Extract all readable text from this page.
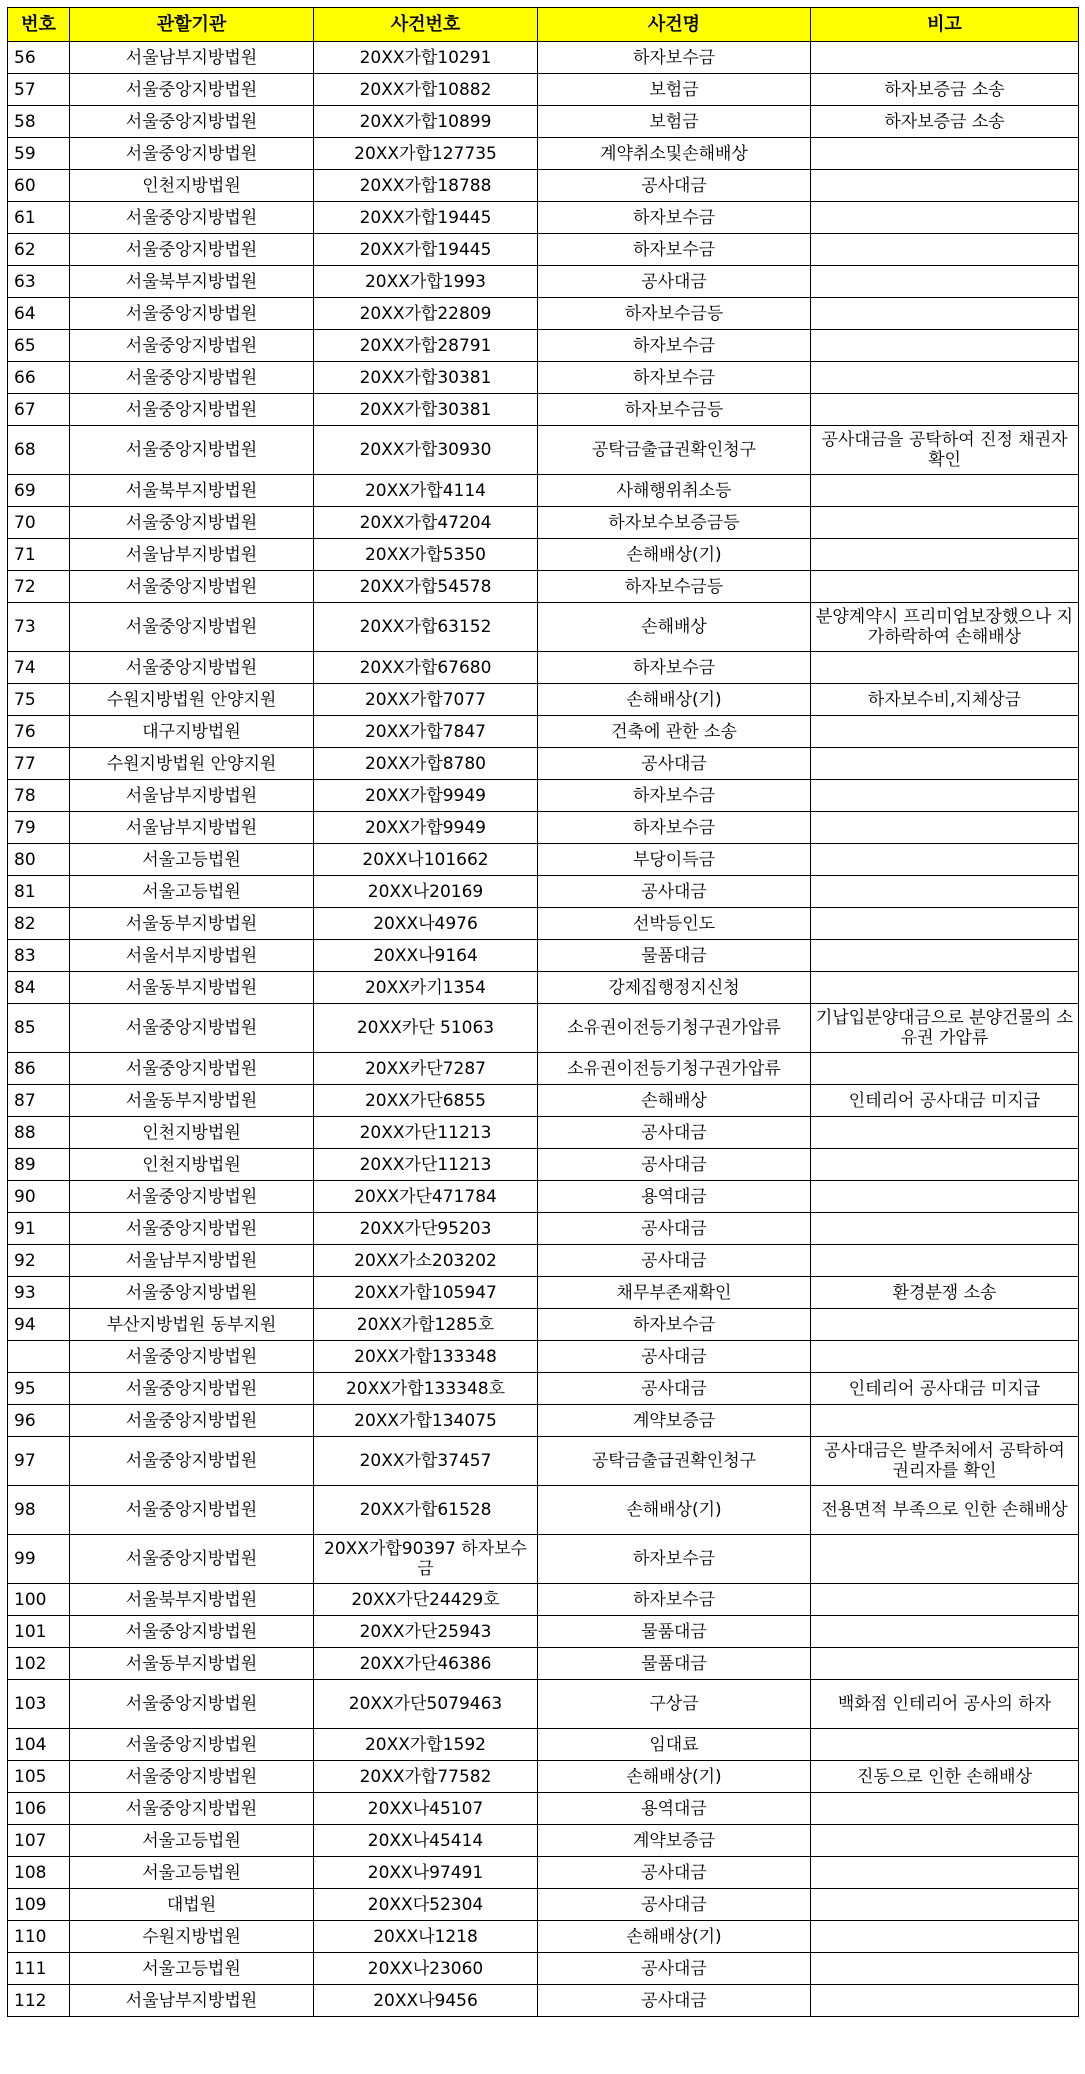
번호	관할기관	사건번호	사건명	비고
56	서울남부지방법원	20XX가합10291	하자보수금	
57	서울중앙지방법원	20XX가합10882	보험금	하자보증금 소송
58	서울중앙지방법원	20XX가합10899	보험금	하자보증금 소송
59	서울중앙지방법원	20XX가합127735	계약취소및손해배상	
60	인천지방법원	20XX가합18788	공사대금	
61	서울중앙지방법원	20XX가합19445	하자보수금	
62	서울중앙지방법원	20XX가합19445	하자보수금	
63	서울북부지방법원	20XX가합1993	공사대금	
64	서울중앙지방법원	20XX가합22809	하자보수금등	
65	서울중앙지방법원	20XX가합28791	하자보수금	
66	서울중앙지방법원	20XX가합30381	하자보수금	
67	서울중앙지방법원	20XX가합30381	하자보수금등	
68	서울중앙지방법원	20XX가합30930	공탁금출급권확인청구	공사대금을 공탁하여 진정 채권자 확인
69	서울북부지방법원	20XX가합4114	사해행위취소등	
70	서울중앙지방법원	20XX가합47204	하자보수보증금등	
71	서울남부지방법원	20XX가합5350	손해배상(기)	
72	서울중앙지방법원	20XX가합54578	하자보수금등	
73	서울중앙지방법원	20XX가합63152	손해배상	분양계약시 프리미엄보장했으나 지가하락하여 손해배상
74	서울중앙지방법원	20XX가합67680	하자보수금	
75	수원지방법원 안양지원	20XX가합7077	손해배상(기)	하자보수비,지체상금
76	대구지방법원	20XX가합7847	건축에 관한 소송	
77	수원지방법원 안양지원	20XX가합8780	공사대금	
78	서울남부지방법원	20XX가합9949	하자보수금	
79	서울남부지방법원	20XX가합9949	하자보수금	
80	서울고등법원	20XX나101662	부당이득금	
81	서울고등법원	20XX나20169	공사대금	
82	서울동부지방법원	20XX나4976	선박등인도	
83	서울서부지방법원	20XX나9164	물품대금	
84	서울동부지방법원	20XX카기1354	강제집행정지신청	
85	서울중앙지방법원	20XX카단 51063	소유권이전등기청구권가압류	기납입분양대금으로 분양건물의 소유권 가압류
86	서울중앙지방법원	20XX카단7287	소유권이전등기청구권가압류	
87	서울동부지방법원	20XX가단6855	손해배상	인테리어 공사대금 미지급
88	인천지방법원	20XX가단11213	공사대금	
89	인천지방법원	20XX가단11213	공사대금	
90	서울중앙지방법원	20XX가단471784	용역대금	
91	서울중앙지방법원	20XX가단95203	공사대금	
92	서울남부지방법원	20XX가소203202	공사대금	
93	서울중앙지방법원	20XX가합105947	채무부존재확인	환경분쟁 소송
94	부산지방법원 동부지원	20XX가합1285호	하자보수금	
	서울중앙지방법원	20XX가합133348	공사대금	
95	서울중앙지방법원	20XX가합133348호	공사대금	인테리어 공사대금 미지급
96	서울중앙지방법원	20XX가합134075	계약보증금	
97	서울중앙지방법원	20XX가합37457	공탁금출급권확인청구	공사대금은 발주처에서 공탁하여 권리자를 확인
98	서울중앙지방법원	20XX가합61528	손해배상(기)	전용면적 부족으로 인한 손해배상
99	서울중앙지방법원	20XX가합90397 하자보수금	하자보수금	
100	서울북부지방법원	20XX가단24429호	하자보수금	
101	서울중앙지방법원	20XX가단25943	물품대금	
102	서울동부지방법원	20XX가단46386	물품대금	
103	서울중앙지방법원	20XX가단5079463	구상금	백화점 인테리어 공사의 하자
104	서울중앙지방법원	20XX가합1592	임대료	
105	서울중앙지방법원	20XX가합77582	손해배상(기)	진동으로 인한 손해배상
106	서울중앙지방법원	20XX나45107	용역대금	
107	서울고등법원	20XX나45414	계약보증금	
108	서울고등법원	20XX나97491	공사대금	
109	대법원	20XX다52304	공사대금	
110	수원지방법원	20XX나1218	손해배상(기)	
111	서울고등법원	20XX나23060	공사대금	
112	서울남부지방법원	20XX나9456	공사대금	
